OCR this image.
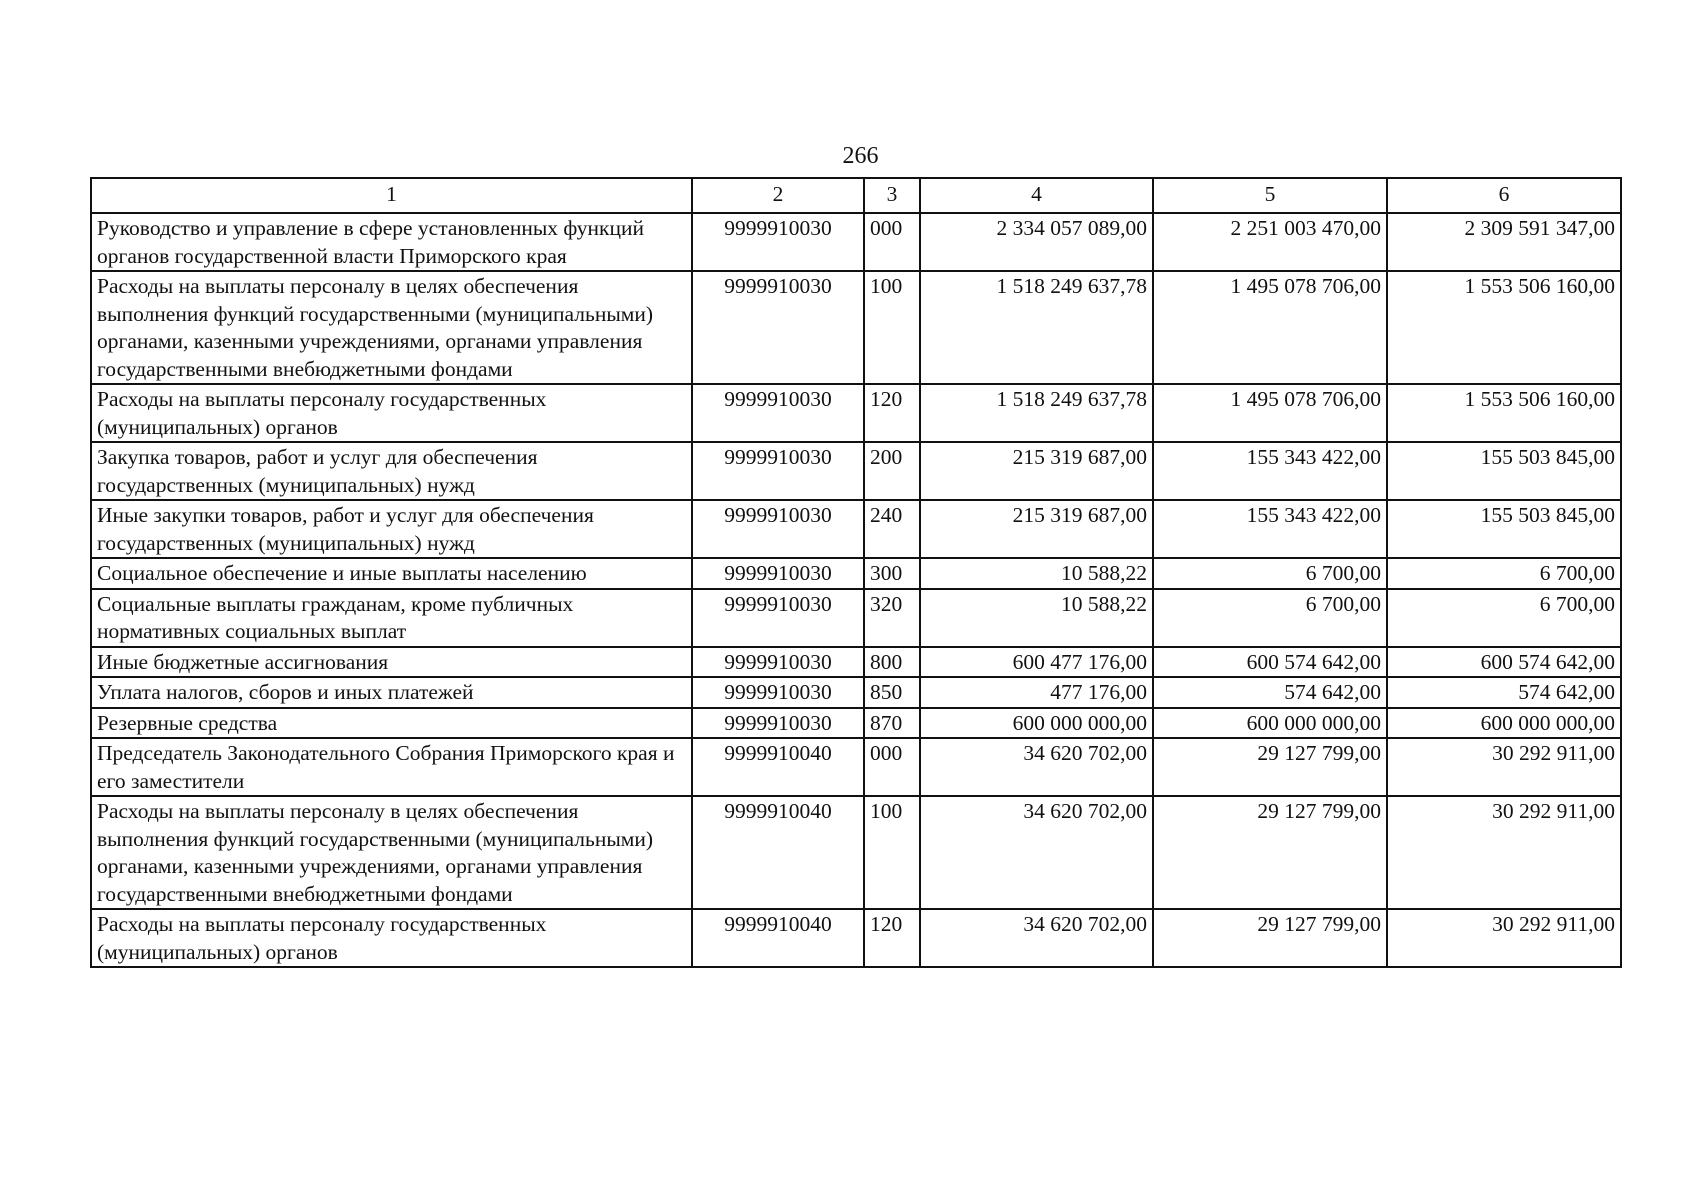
266
1	2	3	4	5	6
Руководство и управление в сфере установленных функций органов государственной власти Приморского края	9999910030	000	2 334 057 089,00	2 251 003 470,00	2 309 591 347,00
Расходы на выплаты персоналу в целях обеспечения выполнения функций государственными (муниципальными) органами, казенными учреждениями, органами управления государственными внебюджетными фондами	9999910030	100	1 518 249 637,78	1 495 078 706,00	1 553 506 160,00
Расходы на выплаты персоналу государственных (муниципальных) органов	9999910030	120	1 518 249 637,78	1 495 078 706,00	1 553 506 160,00
Закупка товаров, работ и услуг для обеспечения государственных (муниципальных) нужд	9999910030	200	215 319 687,00	155 343 422,00	155 503 845,00
Иные закупки товаров, работ и услуг для обеспечения государственных (муниципальных) нужд	9999910030	240	215 319 687,00	155 343 422,00	155 503 845,00
Социальное обеспечение и иные выплаты населению	9999910030	300	10 588,22	6 700,00	6 700,00
Социальные выплаты гражданам, кроме публичных нормативных социальных выплат	9999910030	320	10 588,22	6 700,00	6 700,00
Иные бюджетные ассигнования	9999910030	800	600 477 176,00	600 574 642,00	600 574 642,00
Уплата налогов, сборов и иных платежей	9999910030	850	477 176,00	574 642,00	574 642,00
Резервные средства	9999910030	870	600 000 000,00	600 000 000,00	600 000 000,00
Председатель Законодательного Собрания Приморского края и его заместители	9999910040	000	34 620 702,00	29 127 799,00	30 292 911,00
Расходы на выплаты персоналу в целях обеспечения выполнения функций государственными (муниципальными) органами, казенными учреждениями, органами управления государственными внебюджетными фондами	9999910040	100	34 620 702,00	29 127 799,00	30 292 911,00
Расходы на выплаты персоналу государственных (муниципальных) органов	9999910040	120	34 620 702,00	29 127 799,00	30 292 911,00
